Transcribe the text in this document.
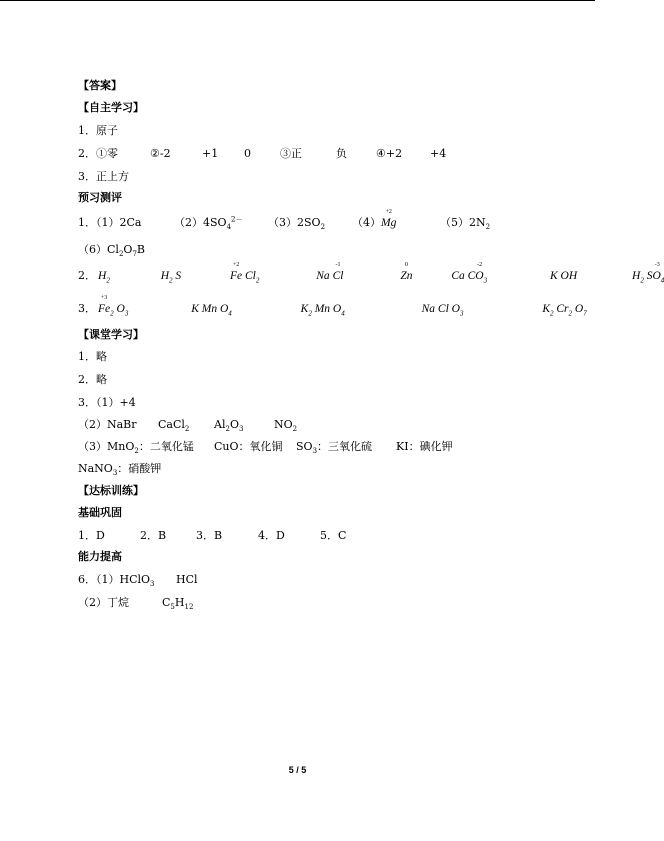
【答案】
【自主学习】
1．原子
2．①零	②-2	+1 0	③正	负	④+2	+4
3．正上方
预习测评
1．（1）2Ca	$(2)4SO_4^{2-}$ $(3)2SO_2$ （4）
+2
Mg	$(5)2N_2$
$(6)Cl_2O_7B$
2． $H_2$	$H_2$ S	Fe
+2
$Cl_2$	Na Cl
-1
Zn
0
Ca CO
-2
$_3$	K OH	$H_2$ SO
-3
$_4$
3． Fe
+3
$_2$ $O_3$	K Mn $O_4$	$K_2$ Mn $O_4$	Na Cl $O_3$	$K_2$ $Cr_2$ $O_7$
【课堂学习】
1．略
2．略
3．（1）+4
（2）NaBr CaCl$_2$ $Al_2O_3$	$NO_2$
（3）MnO$_2$：二氧化锰 CuO：氧化铜 $SO_3$：三氧化硫 KI：碘化钾
NaNO$_3$：硝酸钾
【达标训练】
基础巩固
1．D	2．B	3．B	4．D	5．C
能力提高
6．（1）HClO$_3$ HCl
（2）丁烷	$C_5H_{12}$
5 / 5
